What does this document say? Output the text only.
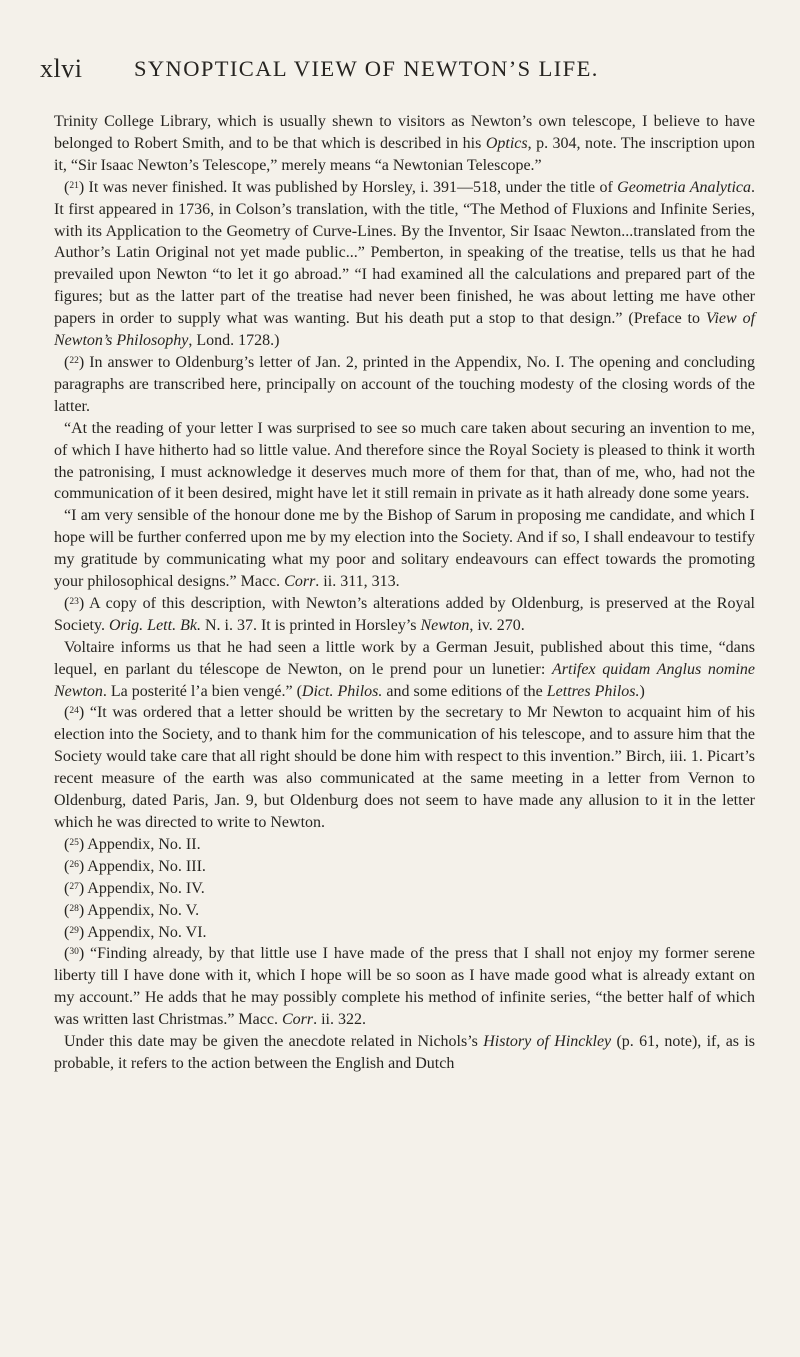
xlvi SYNOPTICAL VIEW OF NEWTON’S LIFE.

Trinity College Library, which is usually shewn to visitors as Newton’s own telescope, I believe to have belonged to Robert Smith, and to be that which is described in his Optics, p. 304, note. The inscription upon it, “Sir Isaac Newton’s Telescope,” merely means “a Newtonian Telescope.”

($^{21}$) It was never finished. It was published by Horsley, i. 391—518, under the title of Geometria Analytica. It first appeared in 1736, in Colson’s translation, with the title, “The Method of Fluxions and Infinite Series, with its Application to the Geometry of Curve-Lines. By the Inventor, Sir Isaac Newton...translated from the Author’s Latin Original not yet made public...” Pemberton, in speaking of the treatise, tells us that he had prevailed upon Newton “to let it go abroad.” “I had examined all the calculations and prepared part of the figures; but as the latter part of the treatise had never been finished, he was about letting me have other papers in order to supply what was wanting. But his death put a stop to that design.” (Preface to View of Newton’s Philosophy, Lond. 1728.)

($^{22}$) In answer to Oldenburg’s letter of Jan. 2, printed in the Appendix, No. I. The opening and concluding paragraphs are transcribed here, principally on account of the touching modesty of the closing words of the latter.

“At the reading of your letter I was surprised to see so much care taken about securing an invention to me, of which I have hitherto had so little value. And therefore since the Royal Society is pleased to think it worth the patronising, I must acknowledge it deserves much more of them for that, than of me, who, had not the communication of it been desired, might have let it still remain in private as it hath already done some years.

“I am very sensible of the honour done me by the Bishop of Sarum in proposing me candidate, and which I hope will be further conferred upon me by my election into the Society. And if so, I shall endeavour to testify my gratitude by communicating what my poor and solitary endeavours can effect towards the promoting your philosophical designs.” Macc. Corr. ii. 311, 313.

($^{23}$) A copy of this description, with Newton’s alterations added by Oldenburg, is preserved at the Royal Society. Orig. Lett. Bk. N. i. 37. It is printed in Horsley’s Newton, iv. 270.

Voltaire informs us that he had seen a little work by a German Jesuit, published about this time, “dans lequel, en parlant du télescope de Newton, on le prend pour un lunetier: Artifex quidam Anglus nomine Newton. La posterité l’a bien vengé.” (Dict. Philos. and some editions of the Lettres Philos.)

($^{24}$) “It was ordered that a letter should be written by the secretary to Mr Newton to acquaint him of his election into the Society, and to thank him for the communication of his telescope, and to assure him that the Society would take care that all right should be done him with respect to this invention.” Birch, iii. 1. Picart’s recent measure of the earth was also communicated at the same meeting in a letter from Vernon to Oldenburg, dated Paris, Jan. 9, but Oldenburg does not seem to have made any allusion to it in the letter which he was directed to write to Newton.

($^{25}$) Appendix, No. II.

($^{26}$) Appendix, No. III.

($^{27}$) Appendix, No. IV.

($^{28}$) Appendix, No. V.

($^{29}$) Appendix, No. VI.

($^{30}$) “Finding already, by that little use I have made of the press that I shall not enjoy my former serene liberty till I have done with it, which I hope will be so soon as I have made good what is already extant on my account.” He adds that he may possibly complete his method of infinite series, “the better half of which was written last Christmas.” Macc. Corr. ii. 322.

Under this date may be given the anecdote related in Nichols’s History of Hinckley (p. 61, note), if, as is probable, it refers to the action between the English and Dutch
